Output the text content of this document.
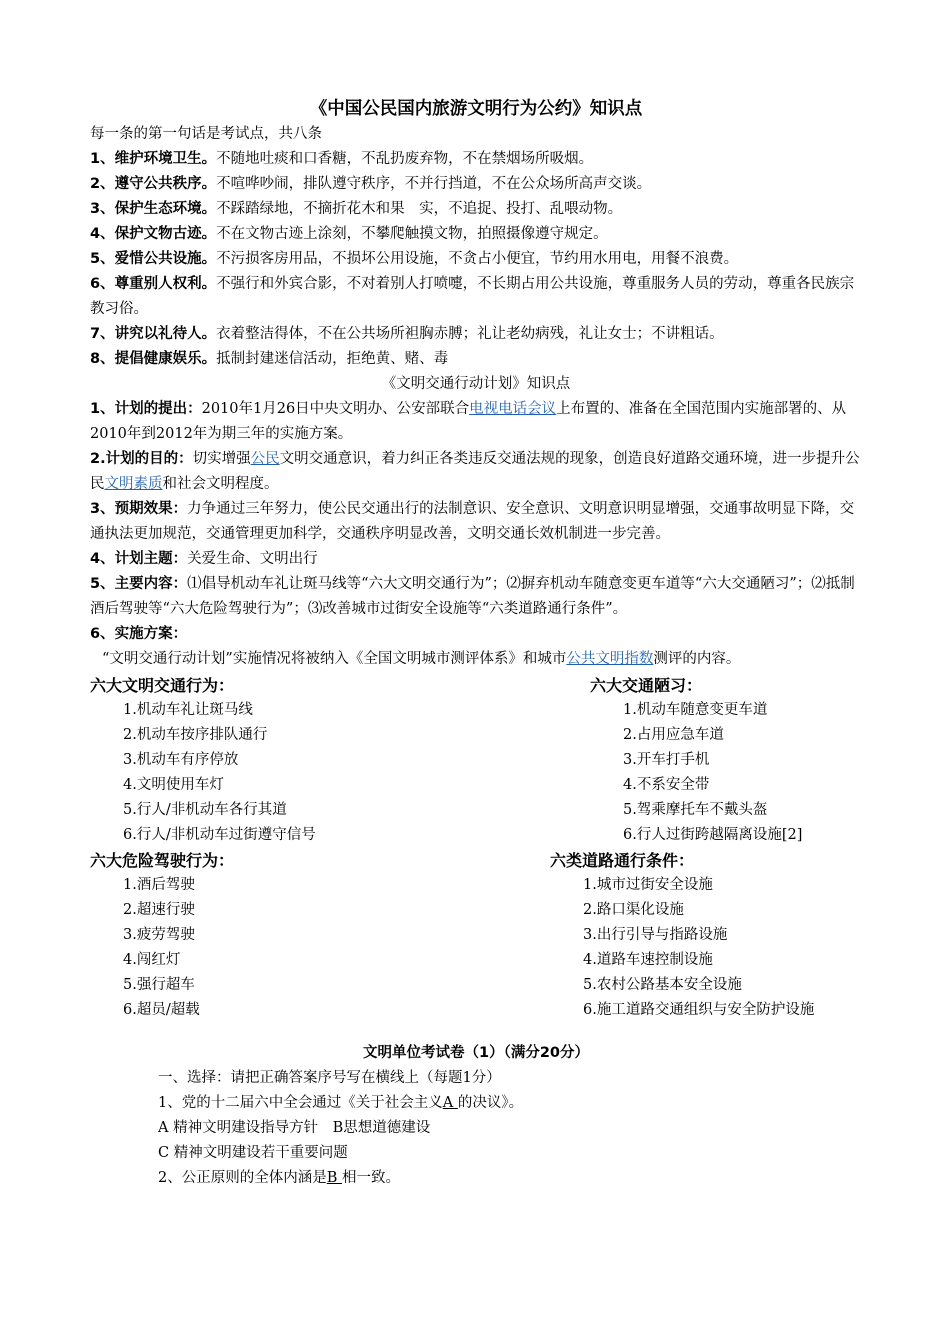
《中国公民国内旅游文明行为公约》知识点

每一条的第一句话是考试点，共八条

1、维护环境卫生。不随地吐痰和口香糖，不乱扔废弃物，不在禁烟场所吸烟。

2、遵守公共秩序。不喧哗吵闹，排队遵守秩序，不并行挡道，不在公众场所高声交谈。

3、保护生态环境。不踩踏绿地，不摘折花木和果　实，不追捉、投打、乱喂动物。

4、保护文物古迹。不在文物古迹上涂刻，不攀爬触摸文物，拍照摄像遵守规定。

5、爱惜公共设施。不污损客房用品，不损坏公用设施，不贪占小便宜，节约用水用电，用餐不浪费。

6、尊重别人权利。不强行和外宾合影，不对着别人打喷嚏，不长期占用公共设施，尊重服务人员的劳动，尊重各民族宗教习俗。

7、讲究以礼待人。衣着整洁得体，不在公共场所袒胸赤膊；礼让老幼病残，礼让女士；不讲粗话。

8、提倡健康娱乐。抵制封建迷信活动，拒绝黄、赌、毒

《文明交通行动计划》知识点

1、计划的提出：2010年1月26日中央文明办、公安部联合电视电话会议上布置的、准备在全国范围内实施部署的、从2010年到2012年为期三年的实施方案。

2.计划的目的：切实增强公民文明交通意识，着力纠正各类违反交通法规的现象，创造良好道路交通环境，进一步提升公民文明素质和社会文明程度。

3、预期效果：力争通过三年努力，使公民交通出行的法制意识、安全意识、文明意识明显增强，交通事故明显下降，交通执法更加规范，交通管理更加科学，交通秩序明显改善，文明交通长效机制进一步完善。

4、计划主题：关爱生命、文明出行

5、主要内容：⑴倡导机动车礼让斑马线等“六大文明交通行为”；⑵摒弃机动车随意变更车道等“六大交通陋习”；⑵抵制酒后驾驶等“六大危险驾驶行为”；⑶改善城市过街安全设施等“六类道路通行条件”。

6、实施方案：

“文明交通行动计划”实施情况将被纳入《全国文明城市测评体系》和城市公共文明指数测评的内容。

六大文明交通行为：
1.机动车礼让斑马线
2.机动车按序排队通行
3.机动车有序停放
4.文明使用车灯
5.行人/非机动车各行其道
6.行人/非机动车过街遵守信号
六大交通陋习：
1.机动车随意变更车道
2.占用应急车道
3.开车打手机
4.不系安全带
5.驾乘摩托车不戴头盔
6.行人过街跨越隔离设施[2]
六大危险驾驶行为：
1.酒后驾驶
2.超速行驶
3.疲劳驾驶
4.闯红灯
5.强行超车
6.超员/超载
六类道路通行条件：
1.城市过街安全设施
2.路口渠化设施
3.出行引导与指路设施
4.道路车速控制设施
5.农村公路基本安全设施
6.施工道路交通组织与安全防护设施

文明单位考试卷（1）（满分20分）

一、选择：请把正确答案序号写在横线上（每题1分）

1、党的十二届六中全会通过《关于社会主义A 的决议》。

A 精神文明建设指导方针　B思想道德建设

C 精神文明建设若干重要问题

2、公正原则的全体内涵是B 相一致。
